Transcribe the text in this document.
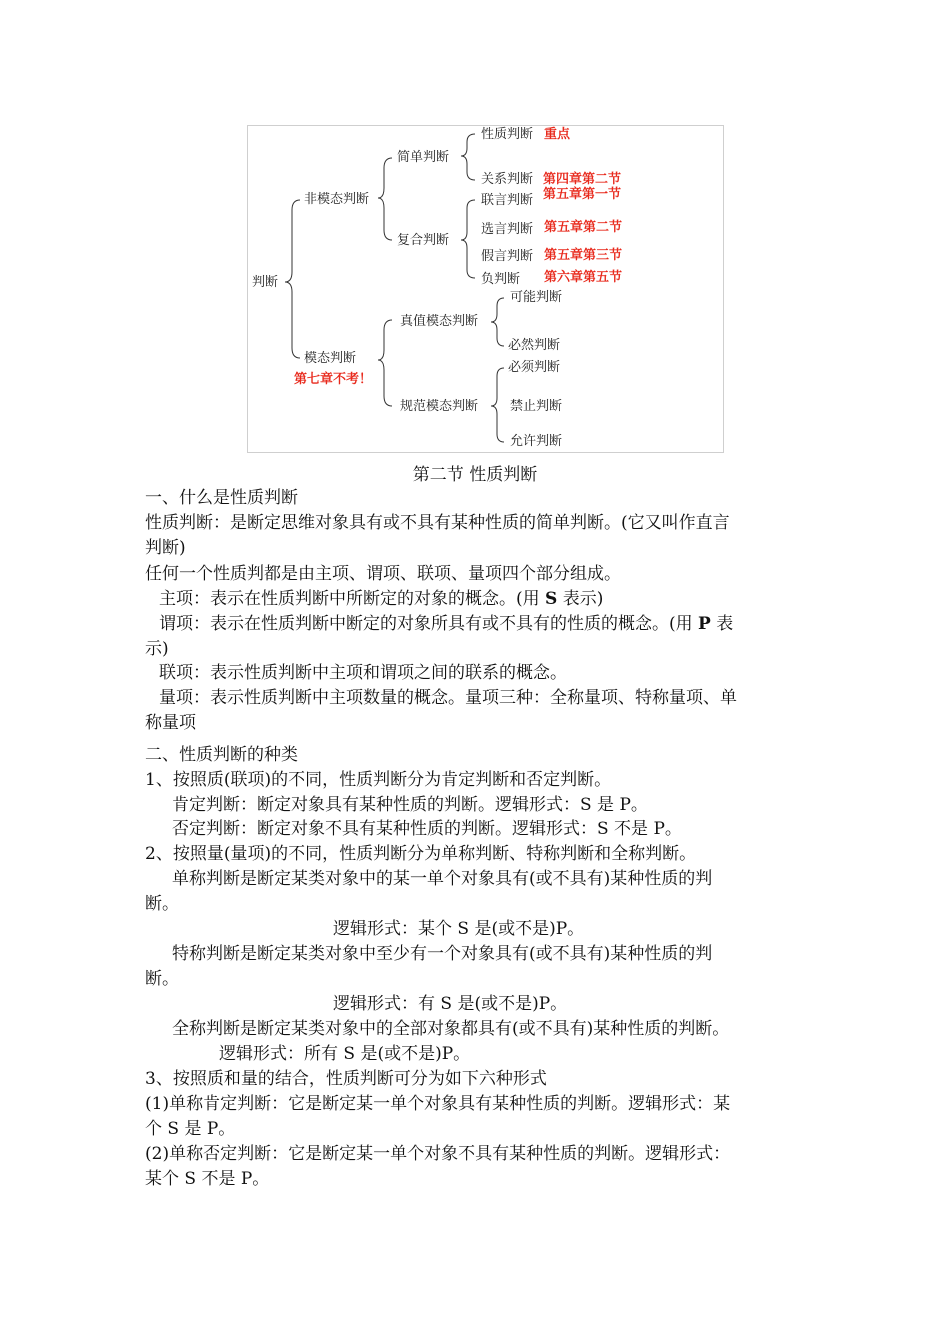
判断
非模态判断
简单判断
性质判断 重点
关系判断 第四章第二节
复合判断
联言判断 第五章第一节
选言判断 第五章第二节
假言判断 第五章第三节
负判断 第六章第五节
模态判断
第七章不考！
真值模态判断
可能判断
必然判断
规范模态判断
必须判断
禁止判断
允许判断
第二节 性质判断
一、什么是性质判断
性质判断：是断定思维对象具有或不具有某种性质的简单判断。(它又叫作直言
判断)
任何一个性质判都是由主项、谓项、联项、量项四个部分组成。
主项：表示在性质判断中所断定的对象的概念。(用 S 表示)
谓项：表示在性质判断中断定的对象所具有或不具有的性质的概念。(用 P 表
示)
联项：表示性质判断中主项和谓项之间的联系的概念。
量项：表示性质判断中主项数量的概念。量项三种：全称量项、特称量项、单
称量项
二、性质判断的种类
1、按照质(联项)的不同，性质判断分为肯定判断和否定判断。
肯定判断：断定对象具有某种性质的判断。逻辑形式：S 是 P。
否定判断：断定对象不具有某种性质的判断。逻辑形式：S 不是 P。
2、按照量(量项)的不同，性质判断分为单称判断、特称判断和全称判断。
单称判断是断定某类对象中的某一单个对象具有(或不具有)某种性质的判
断。
逻辑形式：某个 S 是(或不是)P。
特称判断是断定某类对象中至少有一个对象具有(或不具有)某种性质的判
断。
逻辑形式：有 S 是(或不是)P。
全称判断是断定某类对象中的全部对象都具有(或不具有)某种性质的判断。
逻辑形式：所有 S 是(或不是)P。
3、按照质和量的结合，性质判断可分为如下六种形式
(1)单称肯定判断：它是断定某一单个对象具有某种性质的判断。逻辑形式：某
个 S 是 P。
(2)单称否定判断：它是断定某一单个对象不具有某种性质的判断。逻辑形式：
某个 S 不是 P。
